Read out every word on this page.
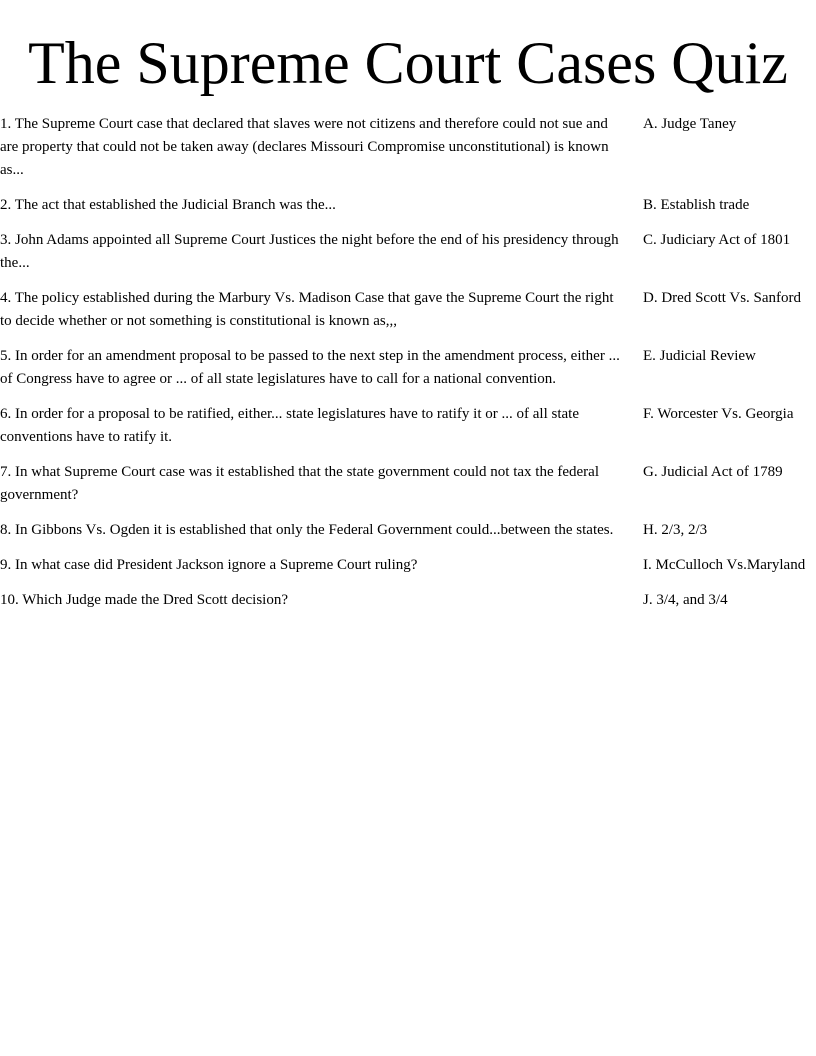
The Supreme Court Cases Quiz
1. The Supreme Court case that declared that slaves were not citizens and therefore could not sue and are property that could not be taken away (declares Missouri Compromise unconstitutional) is known as...	A. Judge Taney
2. The act that established the Judicial Branch was the...	B. Establish trade
3. John Adams appointed all Supreme Court Justices the night before the end of his presidency through the...	C. Judiciary Act of 1801
4. The policy established during the Marbury Vs. Madison Case that gave the Supreme Court the right to decide whether or not something is constitutional is known as,,,	D. Dred Scott Vs. Sanford
5. In order for an amendment proposal to be passed to the next step in the amendment process, either ... of Congress have to agree or ... of all state legislatures have to call for a national convention.	E. Judicial Review
6. In order for a proposal to be ratified, either... state legislatures have to ratify it or ... of all state conventions have to ratify it.	F. Worcester Vs. Georgia
7. In what Supreme Court case was it established that the state government could not tax the federal government?	G. Judicial Act of 1789
8. In Gibbons Vs. Ogden it is established that only the Federal Government could...between the states.	H. 2/3, 2/3
9. In what case did President Jackson ignore a Supreme Court ruling?	I. McCulloch Vs.Maryland
10. Which Judge made the Dred Scott decision?	J. 3/4, and 3/4
